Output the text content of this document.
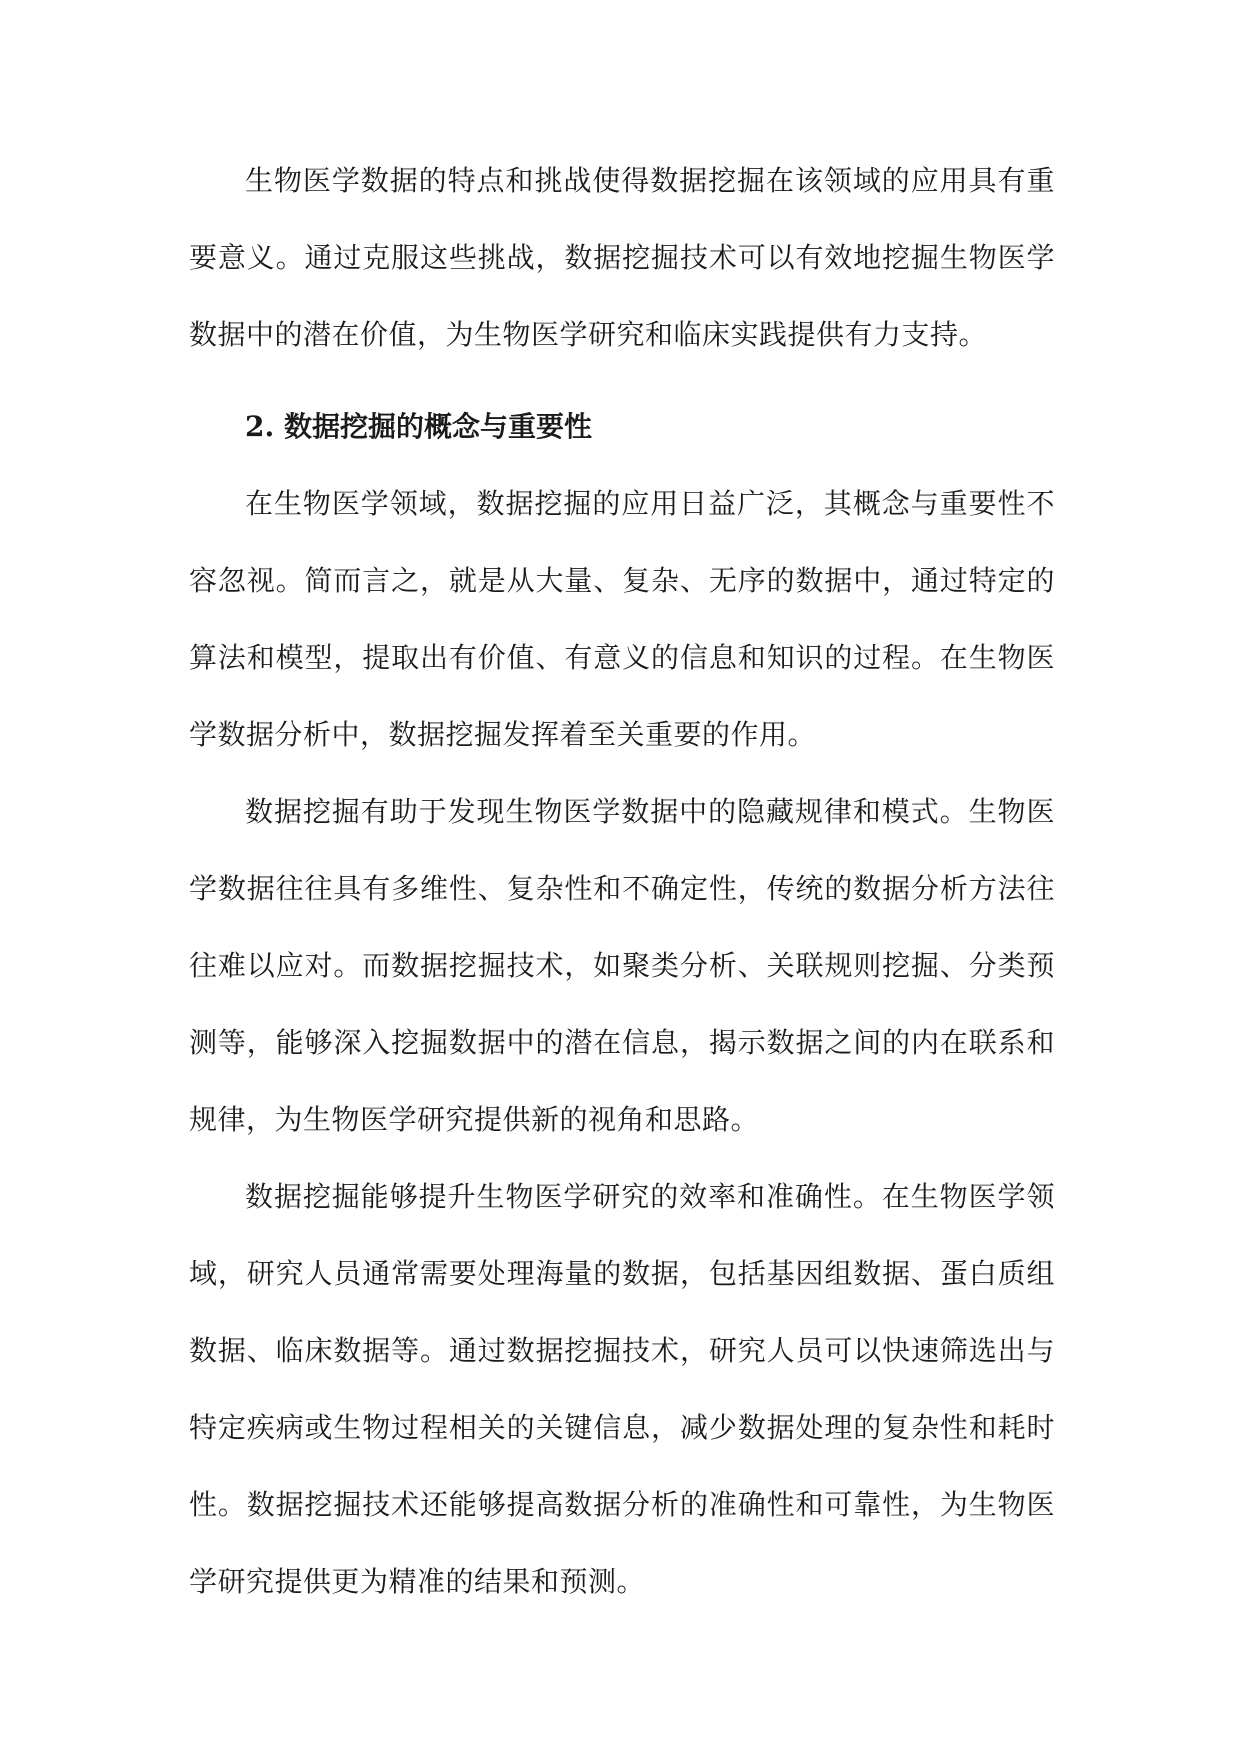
生物医学数据的特点和挑战使得数据挖掘在该领域的应用具有重要意义。通过克服这些挑战，数据挖掘技术可以有效地挖掘生物医学数据中的潜在价值，为生物医学研究和临床实践提供有力支持。

2. 数据挖掘的概念与重要性

在生物医学领域，数据挖掘的应用日益广泛，其概念与重要性不容忽视。简而言之，就是从大量、复杂、无序的数据中，通过特定的算法和模型，提取出有价值、有意义的信息和知识的过程。在生物医学数据分析中，数据挖掘发挥着至关重要的作用。

数据挖掘有助于发现生物医学数据中的隐藏规律和模式。生物医学数据往往具有多维性、复杂性和不确定性，传统的数据分析方法往往难以应对。而数据挖掘技术，如聚类分析、关联规则挖掘、分类预测等，能够深入挖掘数据中的潜在信息，揭示数据之间的内在联系和规律，为生物医学研究提供新的视角和思路。

数据挖掘能够提升生物医学研究的效率和准确性。在生物医学领域，研究人员通常需要处理海量的数据，包括基因组数据、蛋白质组数据、临床数据等。通过数据挖掘技术，研究人员可以快速筛选出与特定疾病或生物过程相关的关键信息，减少数据处理的复杂性和耗时性。数据挖掘技术还能够提高数据分析的准确性和可靠性，为生物医学研究提供更为精准的结果和预测。
